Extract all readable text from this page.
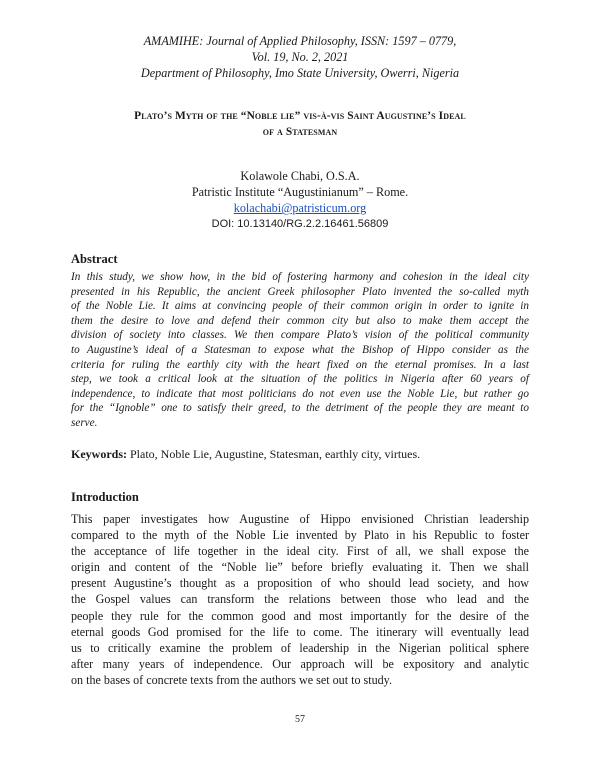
AMAMIHE: Journal of Applied Philosophy, ISSN: 1597 – 0779,
Vol. 19, No. 2, 2021
Department of Philosophy, Imo State University, Owerri, Nigeria
Plato’s Myth of the “Noble lie” vis-à-vis Saint Augustine’s Ideal
of a Statesman
Kolawole Chabi, O.S.A.
Patristic Institute “Augustinianum” – Rome.
kolachabi@patristicum.org
DOI: 10.13140/RG.2.2.16461.56809
Abstract
In this study, we show how, in the bid of fostering harmony and cohesion in the ideal city
presented in his Republic, the ancient Greek philosopher Plato invented the so-called myth
of the Noble Lie. It aims at convincing people of their common origin in order to ignite in
them the desire to love and defend their common city but also to make them accept the
division of society into classes. We then compare Plato’s vision of the political community
to Augustine’s ideal of a Statesman to expose what the Bishop of Hippo consider as the
criteria for ruling the earthly city with the heart fixed on the eternal promises. In a last
step, we took a critical look at the situation of the politics in Nigeria after 60 years of
independence, to indicate that most politicians do not even use the Noble Lie, but rather go
for the “Ignoble” one to satisfy their greed, to the detriment of the people they are meant to
serve.
Keywords: Plato, Noble Lie, Augustine, Statesman, earthly city, virtues.
Introduction
This paper investigates how Augustine of Hippo envisioned Christian leadership
compared to the myth of the Noble Lie invented by Plato in his Republic to foster
the acceptance of life together in the ideal city. First of all, we shall expose the
origin and content of the “Noble lie” before briefly evaluating it. Then we shall
present Augustine’s thought as a proposition of who should lead society, and how
the Gospel values can transform the relations between those who lead and the
people they rule for the common good and most importantly for the desire of the
eternal goods God promised for the life to come. The itinerary will eventually lead
us to critically examine the problem of leadership in the Nigerian political sphere
after many years of independence. Our approach will be expository and analytic
on the bases of concrete texts from the authors we set out to study.
57
